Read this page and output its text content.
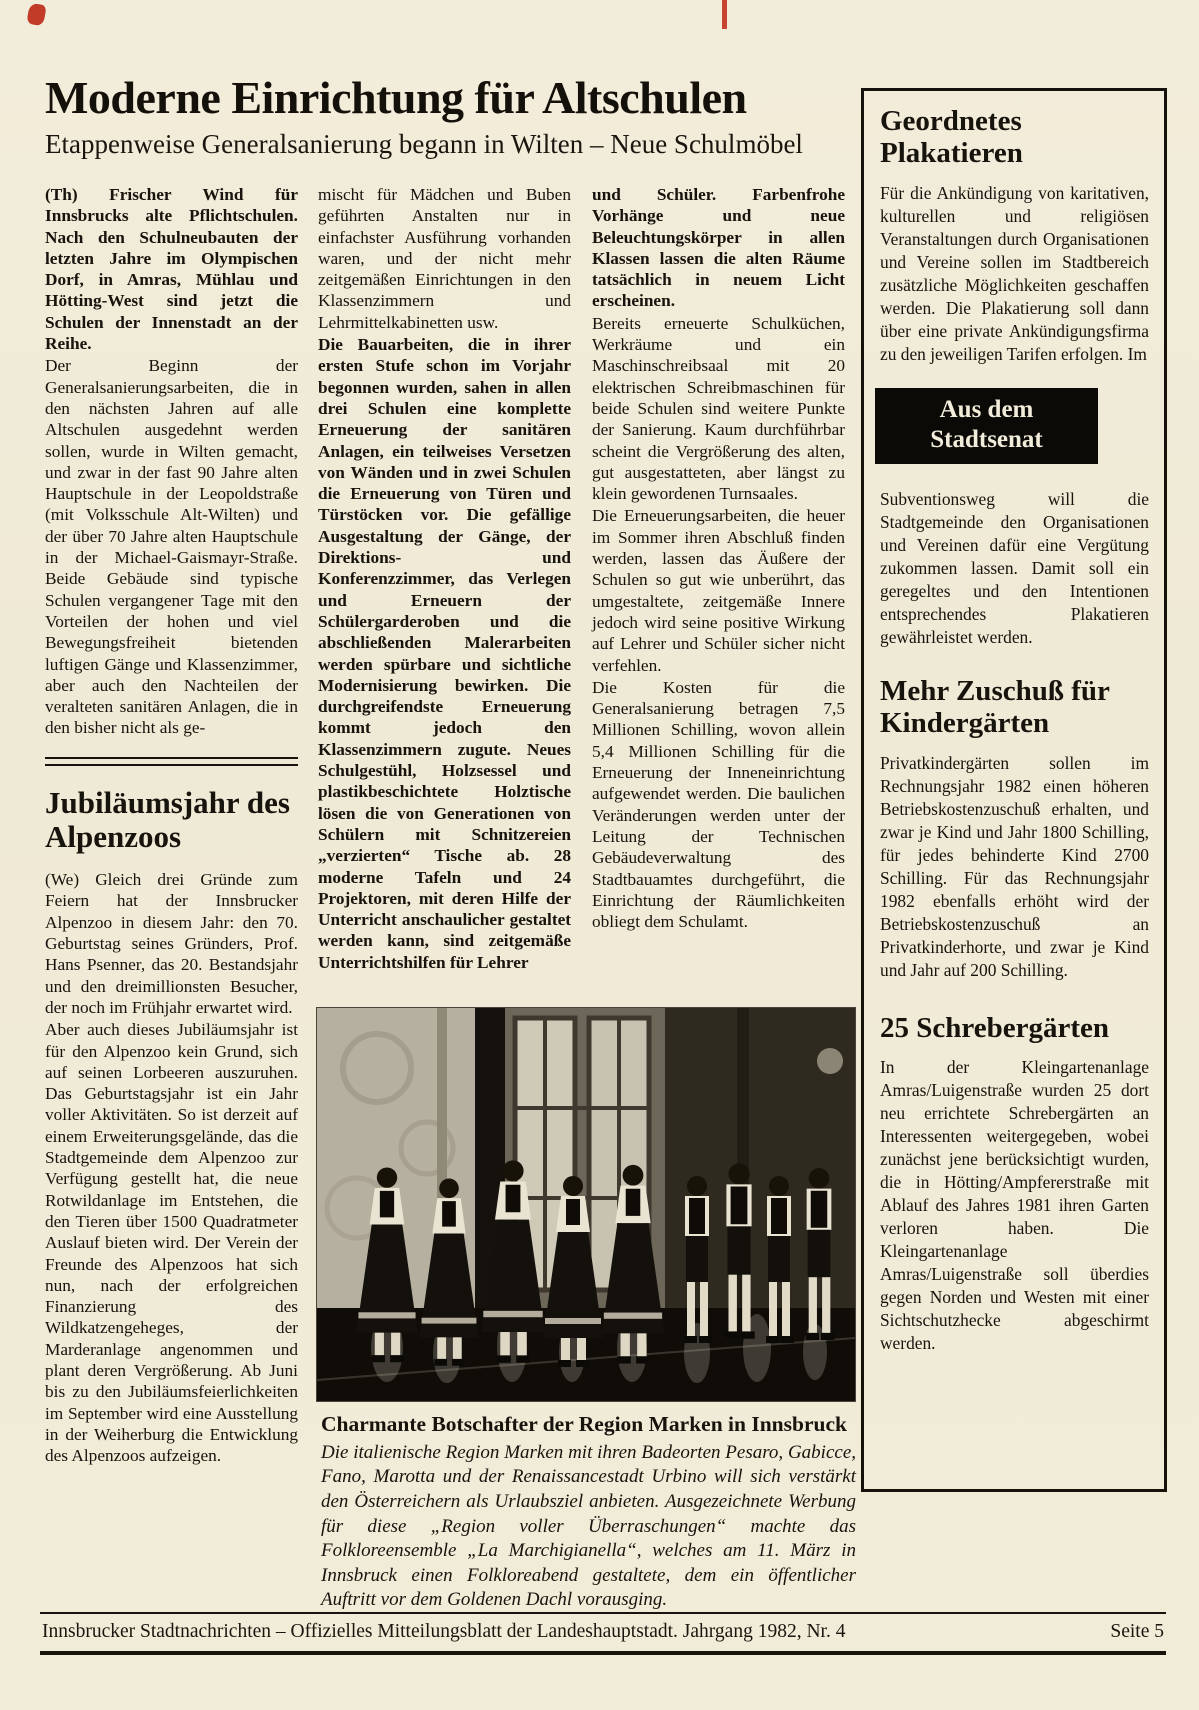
Moderne Einrichtung für Altschulen
Etappenweise Generalsanierung begann in Wilten – Neue Schulmöbel

(Th) Frischer Wind für Innsbrucks alte Pflichtschulen. Nach den Schulneubauten der letzten Jahre im Olympischen Dorf, in Amras, Mühlau und Hötting-West sind jetzt die Schulen der Innenstadt an der Reihe.

Der Beginn der Generalsanierungsarbeiten, die in den nächsten Jahren auf alle Altschulen ausgedehnt werden sollen, wurde in Wilten gemacht, und zwar in der fast 90 Jahre alten Hauptschule in der Leopoldstraße (mit Volksschule Alt-Wilten) und der über 70 Jahre alten Hauptschule in der Michael-Gaismayr-Straße. Beide Gebäude sind typische Schulen vergangener Tage mit den Vorteilen der hohen und viel Bewegungsfreiheit bietenden luftigen Gänge und Klassenzimmer, aber auch den Nachteilen der veralteten sanitären Anlagen, die in den bisher nicht als ge-

Jubiläumsjahr des Alpenzoos

(We) Gleich drei Gründe zum Feiern hat der Innsbrucker Alpenzoo in diesem Jahr: den 70. Geburtstag seines Gründers, Prof. Hans Psenner, das 20. Bestandsjahr und den dreimillionsten Besucher, der noch im Frühjahr erwartet wird.

Aber auch dieses Jubiläumsjahr ist für den Alpenzoo kein Grund, sich auf seinen Lorbeeren auszuruhen. Das Geburtstagsjahr ist ein Jahr voller Aktivitäten. So ist derzeit auf einem Erweiterungsgelände, das die Stadtgemeinde dem Alpenzoo zur Verfügung gestellt hat, die neue Rotwildanlage im Entstehen, die den Tieren über 1500 Quadratmeter Auslauf bieten wird. Der Verein der Freunde des Alpenzoos hat sich nun, nach der erfolgreichen Finanzierung des Wildkatzengeheges, der Marderanlage angenommen und plant deren Vergrößerung. Ab Juni bis zu den Jubiläumsfeierlichkeiten im September wird eine Ausstellung in der Weiherburg die Entwicklung des Alpenzoos aufzeigen.

mischt für Mädchen und Buben geführten Anstalten nur in einfachster Ausführung vorhanden waren, und der nicht mehr zeitgemäßen Einrichtungen in den Klassenzimmern und Lehrmittelkabinetten usw.

Die Bauarbeiten, die in ihrer ersten Stufe schon im Vorjahr begonnen wurden, sahen in allen drei Schulen eine komplette Erneuerung der sanitären Anlagen, ein teilweises Versetzen von Wänden und in zwei Schulen die Erneuerung von Türen und Türstöcken vor. Die gefällige Ausgestaltung der Gänge, der Direktions- und Konferenzzimmer, das Verlegen und Erneuern der Schülergarderoben und die abschließenden Malerarbeiten werden spürbare und sichtliche Modernisierung bewirken. Die durchgreifendste Erneuerung kommt jedoch den Klassenzimmern zugute. Neues Schulgestühl, Holzsessel und plastikbeschichtete Holztische lösen die von Generationen von Schülern mit Schnitzereien „verzierten“ Tische ab. 28 moderne Tafeln und 24 Projektoren, mit deren Hilfe der Unterricht anschaulicher gestaltet werden kann, sind zeitgemäße Unterrichtshilfen für Lehrer

und Schüler. Farbenfrohe Vorhänge und neue Beleuchtungskörper in allen Klassen lassen die alten Räume tatsächlich in neuem Licht erscheinen.

Bereits erneuerte Schulküchen, Werkräume und ein Maschinschreibsaal mit 20 elektrischen Schreibmaschinen für beide Schulen sind weitere Punkte der Sanierung. Kaum durchführbar scheint die Vergrößerung des alten, gut ausgestatteten, aber längst zu klein gewordenen Turnsaales.

Die Erneuerungsarbeiten, die heuer im Sommer ihren Abschluß finden werden, lassen das Äußere der Schulen so gut wie unberührt, das umgestaltete, zeitgemäße Innere jedoch wird seine positive Wirkung auf Lehrer und Schüler sicher nicht verfehlen.

Die Kosten für die Generalsanierung betragen 7,5 Millionen Schilling, wovon allein 5,4 Millionen Schilling für die Erneuerung der Inneneinrichtung aufgewendet werden. Die baulichen Veränderungen werden unter der Leitung der Technischen Gebäudeverwaltung des Stadtbauamtes durchgeführt, die Einrichtung der Räumlichkeiten obliegt dem Schulamt.

Charmante Botschafter der Region Marken in Innsbruck

Die italienische Region Marken mit ihren Badeorten Pesaro, Gabicce, Fano, Marotta und der Renaissancestadt Urbino will sich verstärkt den Österreichern als Urlaubsziel anbieten. Ausgezeichnete Werbung für diese „Region voller Überraschungen“ machte das Folkloreensemble „La Marchigianella“, welches am 11. März in Innsbruck einen Folkloreabend gestaltete, dem ein öffentlicher Auftritt vor dem Goldenen Dachl vorausging.

Geordnetes Plakatieren

Für die Ankündigung von karitativen, kulturellen und religiösen Veranstaltungen durch Organisationen und Vereine sollen im Stadtbereich zusätzliche Möglichkeiten geschaffen werden. Die Plakatierung soll dann über eine private Ankündigungsfirma zu den jeweiligen Tarifen erfolgen. Im

Aus dem
Stadtsenat

Subventionsweg will die Stadtgemeinde den Organisationen und Vereinen dafür eine Vergütung zukommen lassen. Damit soll ein geregeltes und den Intentionen entsprechendes Plakatieren gewährleistet werden.

Mehr Zuschuß für Kindergärten

Privatkindergärten sollen im Rechnungsjahr 1982 einen höheren Betriebskostenzuschuß erhalten, und zwar je Kind und Jahr 1800 Schilling, für jedes behinderte Kind 2700 Schilling. Für das Rechnungsjahr 1982 ebenfalls erhöht wird der Betriebskostenzuschuß an Privatkinderhorte, und zwar je Kind und Jahr auf 200 Schilling.

25 Schrebergärten

In der Kleingartenanlage Amras/Luigenstraße wurden 25 dort neu errichtete Schrebergärten an Interessenten weitergegeben, wobei zunächst jene berücksichtigt wurden, die in Hötting/Ampfererstraße mit Ablauf des Jahres 1981 ihren Garten verloren haben. Die Kleingartenanlage Amras/Luigenstraße soll überdies gegen Norden und Westen mit einer Sichtschutzhecke abgeschirmt werden.

Innsbrucker Stadtnachrichten – Offizielles Mitteilungsblatt der Landeshauptstadt. Jahrgang 1982, Nr. 4	Seite 5
